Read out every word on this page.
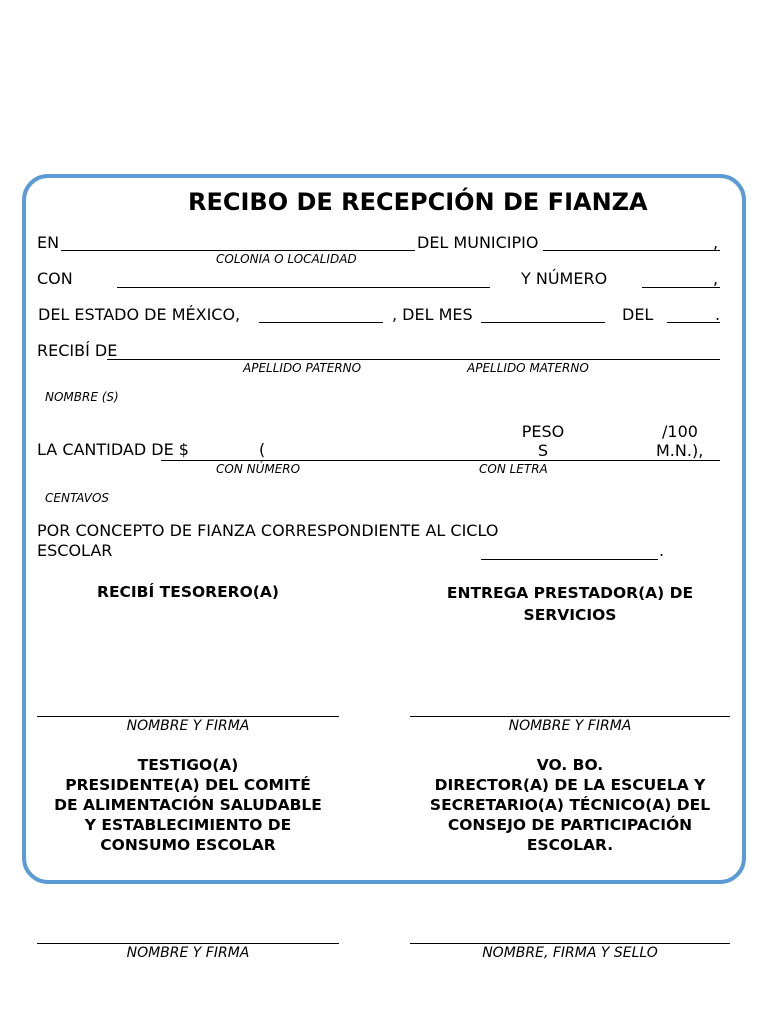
RECIBO DE RECEPCIÓN DE FIANZA
EN	DEL MUNICIPIO	,
COLONIA O LOCALIDAD
CON	Y NÚMERO	,
DEL ESTADO DE MÉXICO,	, DEL MES	DEL	.
RECIBÍ DE
APELLIDO PATERNO	APELLIDO MATERNO
NOMBRE (S)
LA CANTIDAD DE $	(
PESO
S
/100
M.N.),
CON NÚMERO	CON LETRA
CENTAVOS
POR CONCEPTO DE FIANZA CORRESPONDIENTE AL CICLO
ESCOLAR	.
RECIBÍ TESORERO(A)	ENTREGA PRESTADOR(A) DE
SERVICIOS
NOMBRE Y FIRMA	NOMBRE Y FIRMA
TESTIGO(A)
PRESIDENTE(A) DEL COMITÉ
DE ALIMENTACIÓN SALUDABLE
Y ESTABLECIMIENTO DE
CONSUMO ESCOLAR
VO. BO.
DIRECTOR(A) DE LA ESCUELA Y
SECRETARIO(A) TÉCNICO(A) DEL
CONSEJO DE PARTICIPACIÓN
ESCOLAR.
NOMBRE Y FIRMA	NOMBRE, FIRMA Y SELLO
